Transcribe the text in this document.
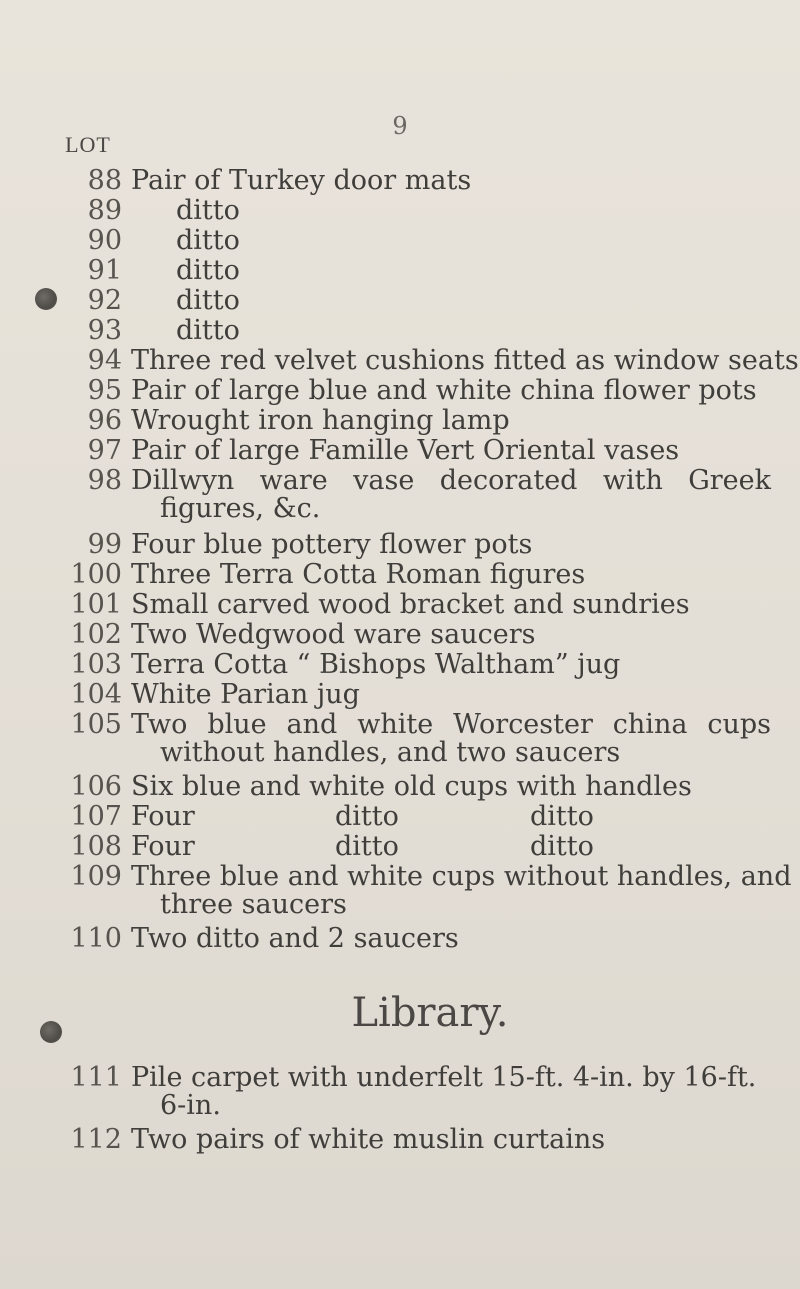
9
LOT
88 Pair of Turkey door mats
89 ditto
90 ditto
91 ditto
92 ditto
93 ditto
94 Three red velvet cushions fitted as window seats
95 Pair of large blue and white china flower pots
96 Wrought iron hanging lamp
97 Pair of large Famille Vert Oriental vases
98 Dillwyn ware vase decorated with Greek
figures, &c.
99 Four blue pottery flower pots
100 Three Terra Cotta Roman figures
101 Small carved wood bracket and sundries
102 Two Wedgwood ware saucers
103 Terra Cotta “ Bishops Waltham” jug
104 White Parian jug
105 Two blue and white Worcester china cups
without handles, and two saucers
106 Six blue and white old cups with handles
107 Four	ditto	ditto
108 Four	ditto	ditto
109 Three blue and white cups without handles, and
three saucers
110 Two ditto and 2 saucers
Library.
111 Pile carpet with underfelt 15-ft. 4-in. by 16-ft.
6-in.
112 Two pairs of white muslin curtains
